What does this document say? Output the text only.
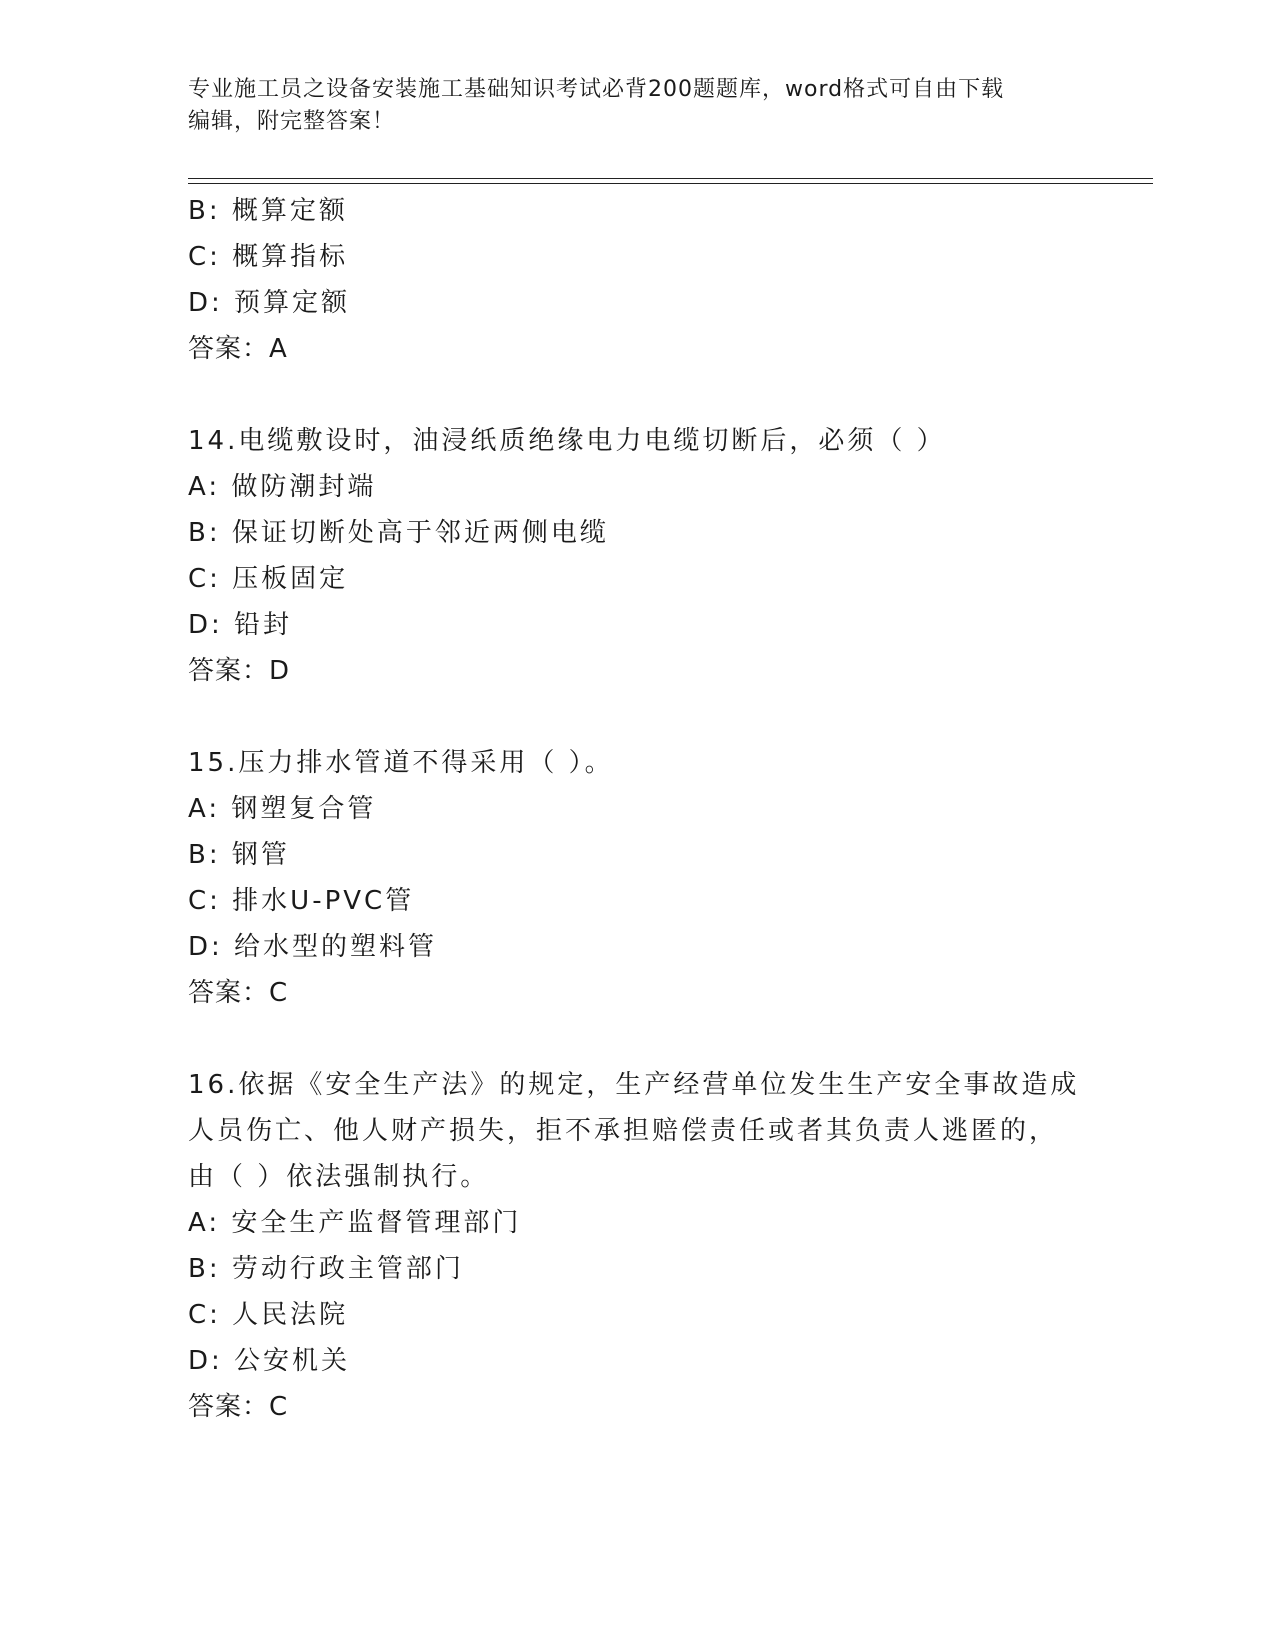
专业施工员之设备安装施工基础知识考试必背200题题库，word格式可自由下载
编辑，附完整答案！
B: 概算定额
C: 概算指标
D: 预算定额
答案：A
14.电缆敷设时，油浸纸质绝缘电力电缆切断后，必须（ ）
A: 做防潮封端
B: 保证切断处高于邻近两侧电缆
C: 压板固定
D: 铅封
答案：D
15.压力排水管道不得采用（ ）。
A: 钢塑复合管
B: 钢管
C: 排水U-PVC管
D: 给水型的塑料管
答案：C
16.依据《安全生产法》的规定，生产经营单位发生生产安全事故造成
人员伤亡、他人财产损失，拒不承担赔偿责任或者其负责人逃匿的，
由（ ）依法强制执行。
A: 安全生产监督管理部门
B: 劳动行政主管部门
C: 人民法院
D: 公安机关
答案：C
